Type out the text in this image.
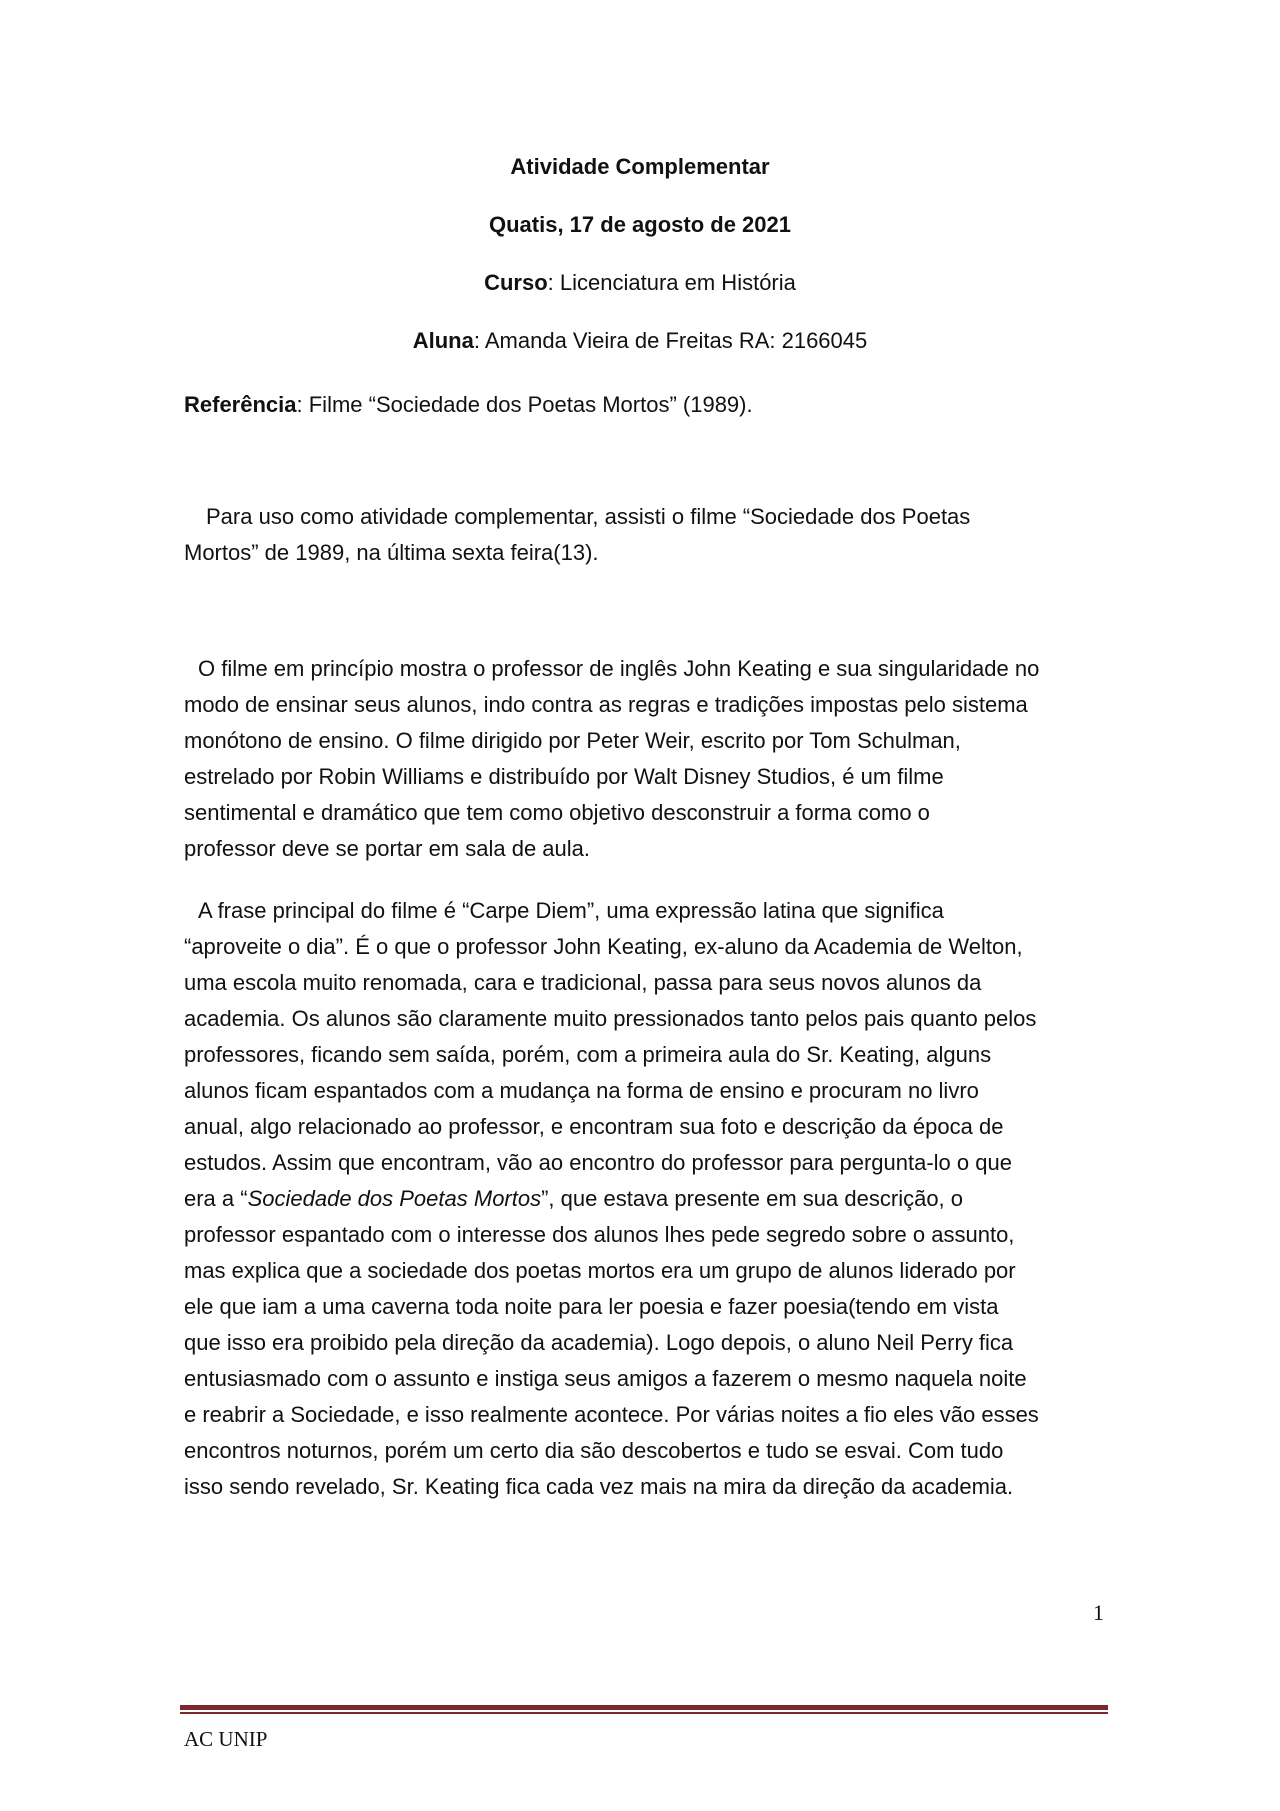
Atividade Complementar
Quatis, 17 de agosto de 2021
Curso: Licenciatura em História
Aluna: Amanda Vieira de Freitas RA: 2166045
Referência: Filme “Sociedade dos Poetas Mortos” (1989).
Para uso como atividade complementar, assisti o filme “Sociedade dos Poetas
Mortos” de 1989, na última sexta feira(13).
O filme em princípio mostra o professor de inglês John Keating e sua singularidade no
modo de ensinar seus alunos, indo contra as regras e tradições impostas pelo sistema
monótono de ensino. O filme dirigido por Peter Weir, escrito por Tom Schulman,
estrelado por Robin Williams e distribuído por Walt Disney Studios, é um filme
sentimental e dramático que tem como objetivo desconstruir a forma como o
professor deve se portar em sala de aula.
A frase principal do filme é “Carpe Diem”, uma expressão latina que significa
“aproveite o dia”. É o que o professor John Keating, ex-aluno da Academia de Welton,
uma escola muito renomada, cara e tradicional, passa para seus novos alunos da
academia. Os alunos são claramente muito pressionados tanto pelos pais quanto pelos
professores, ficando sem saída, porém, com a primeira aula do Sr. Keating, alguns
alunos ficam espantados com a mudança na forma de ensino e procuram no livro
anual, algo relacionado ao professor, e encontram sua foto e descrição da época de
estudos. Assim que encontram, vão ao encontro do professor para pergunta-lo o que
era a “Sociedade dos Poetas Mortos”, que estava presente em sua descrição, o
professor espantado com o interesse dos alunos lhes pede segredo sobre o assunto,
mas explica que a sociedade dos poetas mortos era um grupo de alunos liderado por
ele que iam a uma caverna toda noite para ler poesia e fazer poesia(tendo em vista
que isso era proibido pela direção da academia). Logo depois, o aluno Neil Perry fica
entusiasmado com o assunto e instiga seus amigos a fazerem o mesmo naquela noite
e reabrir a Sociedade, e isso realmente acontece. Por várias noites a fio eles vão esses
encontros noturnos, porém um certo dia são descobertos e tudo se esvai. Com tudo
isso sendo revelado, Sr. Keating fica cada vez mais na mira da direção da academia.
1
AC UNIP
